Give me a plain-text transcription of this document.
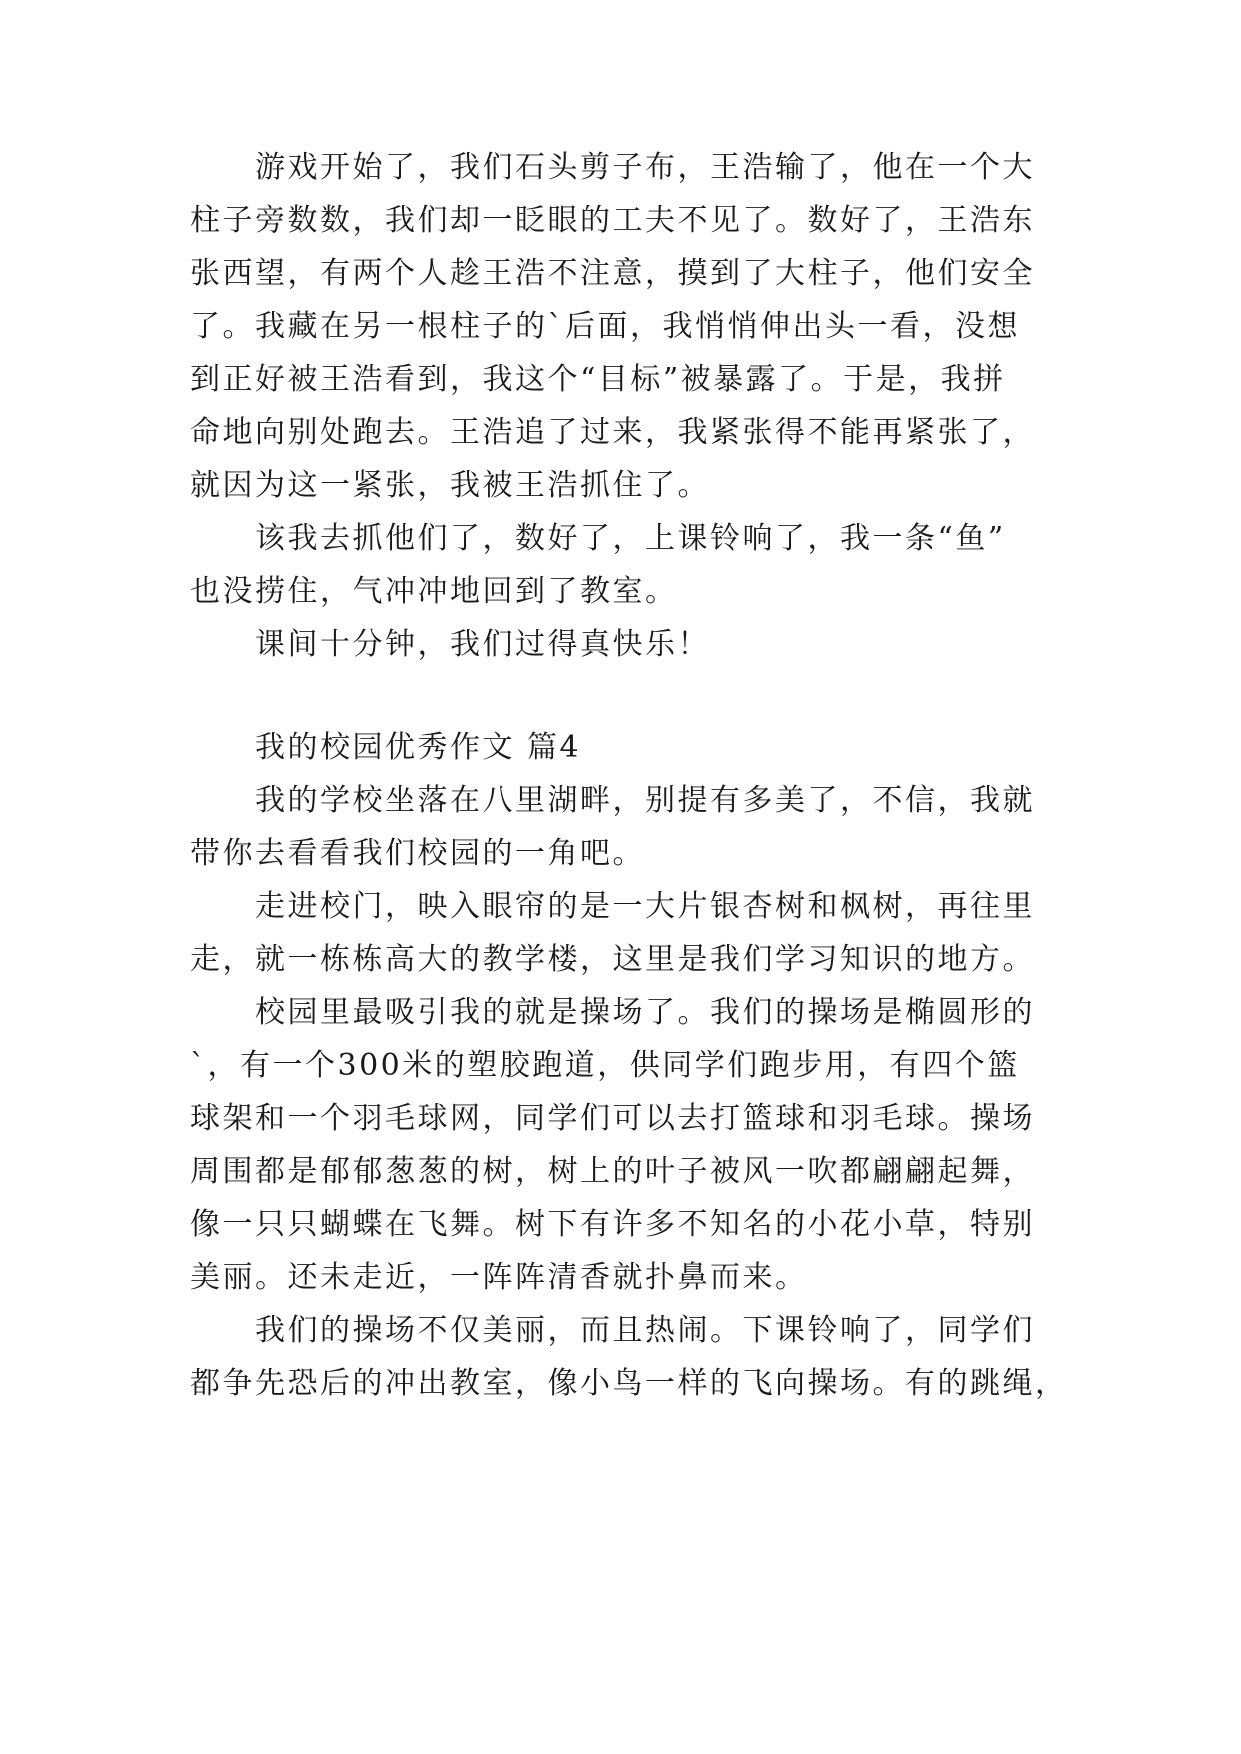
游戏开始了，我们石头剪子布，王浩输了，他在一个大
柱子旁数数，我们却一眨眼的工夫不见了。数好了，王浩东
张西望，有两个人趁王浩不注意，摸到了大柱子，他们安全
了。我藏在另一根柱子的`后面，我悄悄伸出头一看，没想
到正好被王浩看到，我这个“目标”被暴露了。于是，我拼
命地向别处跑去。王浩追了过来，我紧张得不能再紧张了，
就因为这一紧张，我被王浩抓住了。
该我去抓他们了，数好了，上课铃响了，我一条“鱼”
也没捞住，气冲冲地回到了教室。
课间十分钟，我们过得真快乐！
我的校园优秀作文 篇4
我的学校坐落在八里湖畔，别提有多美了，不信，我就
带你去看看我们校园的一角吧。
走进校门，映入眼帘的是一大片银杏树和枫树，再往里
走，就一栋栋高大的教学楼，这里是我们学习知识的地方。
校园里最吸引我的就是操场了。我们的操场是椭圆形的
`，有一个300米的塑胶跑道，供同学们跑步用，有四个篮
球架和一个羽毛球网，同学们可以去打篮球和羽毛球。操场
周围都是郁郁葱葱的树，树上的叶子被风一吹都翩翩起舞，
像一只只蝴蝶在飞舞。树下有许多不知名的小花小草，特别
美丽。还未走近，一阵阵清香就扑鼻而来。
我们的操场不仅美丽，而且热闹。下课铃响了，同学们
都争先恐后的冲出教室，像小鸟一样的飞向操场。有的跳绳，
